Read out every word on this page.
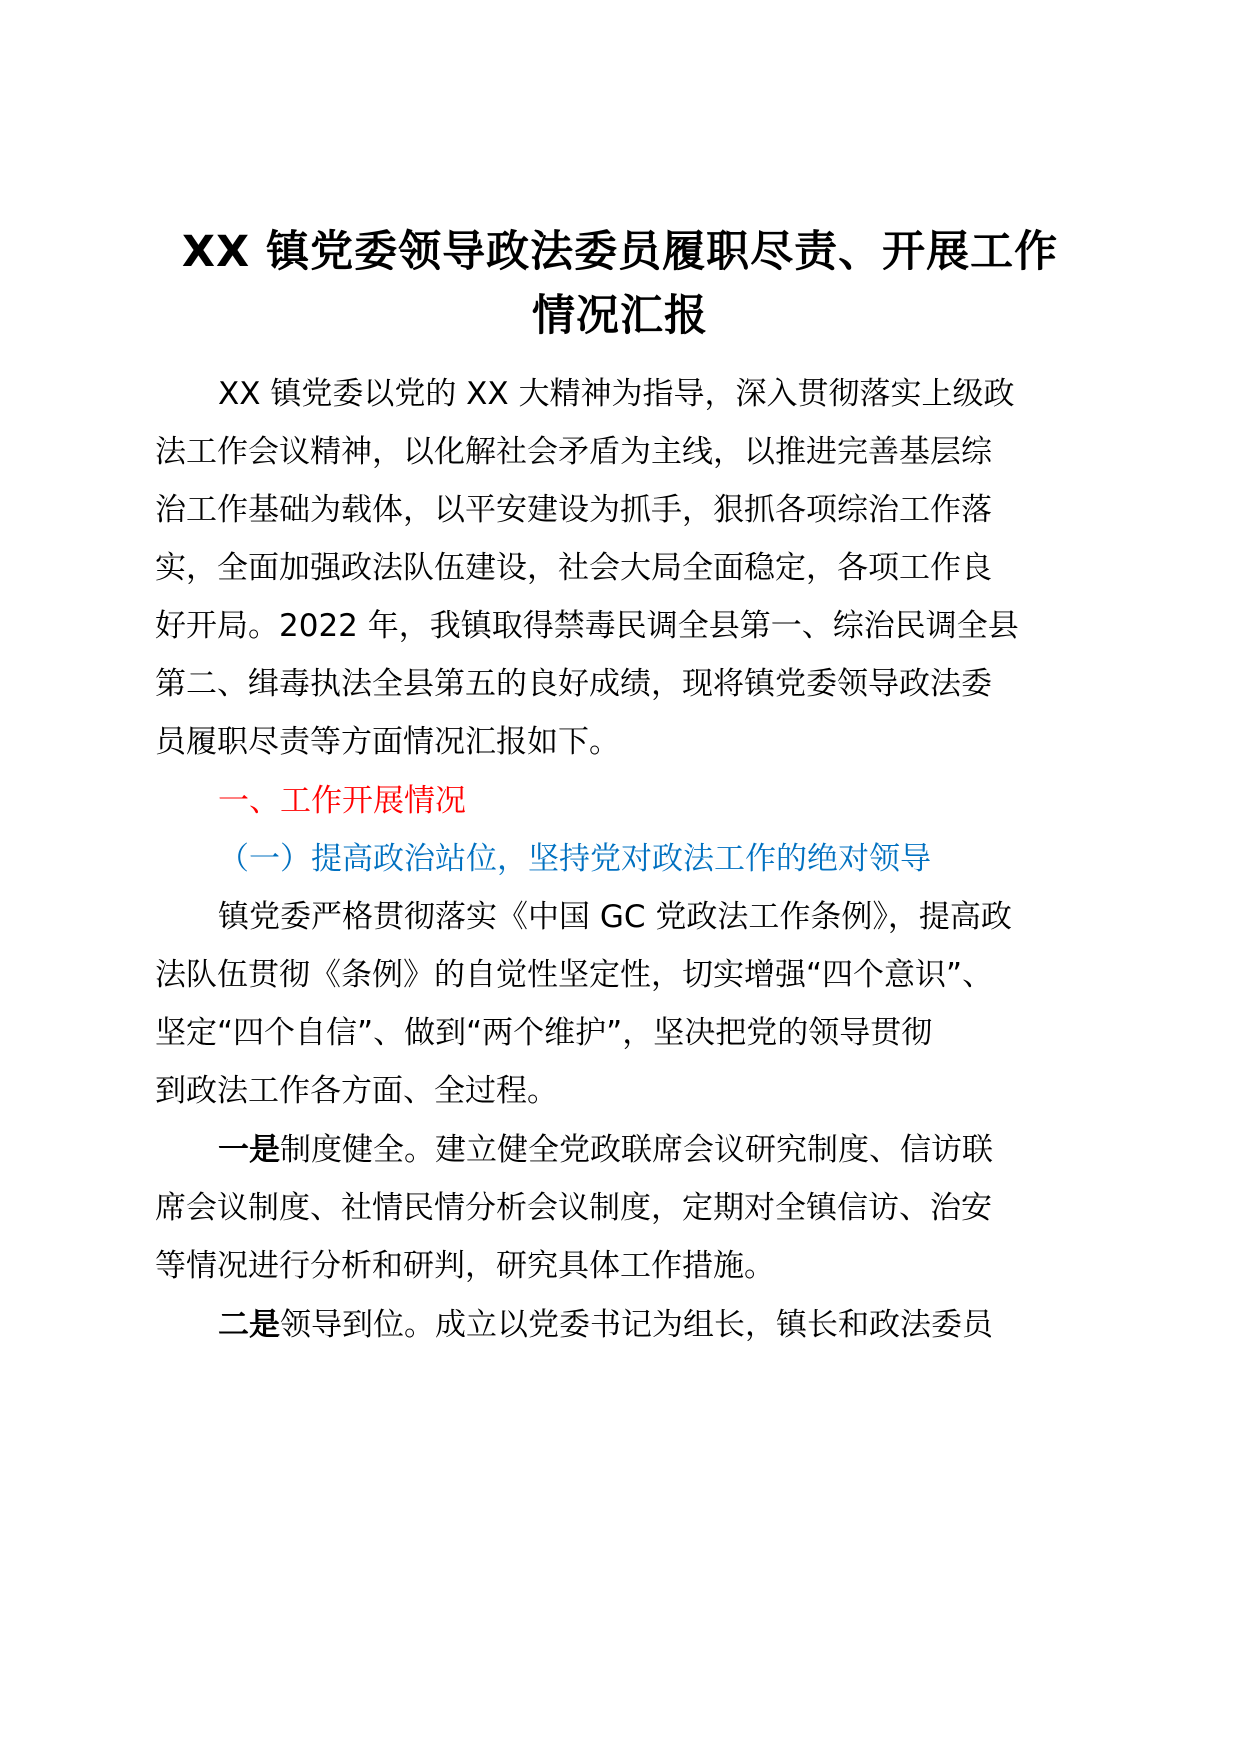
XX 镇党委领导政法委员履职尽责、开展工作
情况汇报

XX 镇党委以党的 XX 大精神为指导，深入贯彻落实上级政

法工作会议精神，以化解社会矛盾为主线，以推进完善基层综

治工作基础为载体，以平安建设为抓手，狠抓各项综治工作落

实，全面加强政法队伍建设，社会大局全面稳定，各项工作良

好开局。2022 年，我镇取得禁毒民调全县第一、综治民调全县

第二、缉毒执法全县第五的良好成绩，现将镇党委领导政法委

员履职尽责等方面情况汇报如下。

一、工作开展情况

（一）提高政治站位，坚持党对政法工作的绝对领导

镇党委严格贯彻落实《中国 GC 党政法工作条例》，提高政

法队伍贯彻《条例》的自觉性坚定性，切实增强“四个意识”、

坚定“四个自信”、做到“两个维护”，坚决把党的领导贯彻

到政法工作各方面、全过程。

一是制度健全。建立健全党政联席会议研究制度、信访联

席会议制度、社情民情分析会议制度，定期对全镇信访、治安

等情况进行分析和研判，研究具体工作措施。

二是领导到位。成立以党委书记为组长，镇长和政法委员
